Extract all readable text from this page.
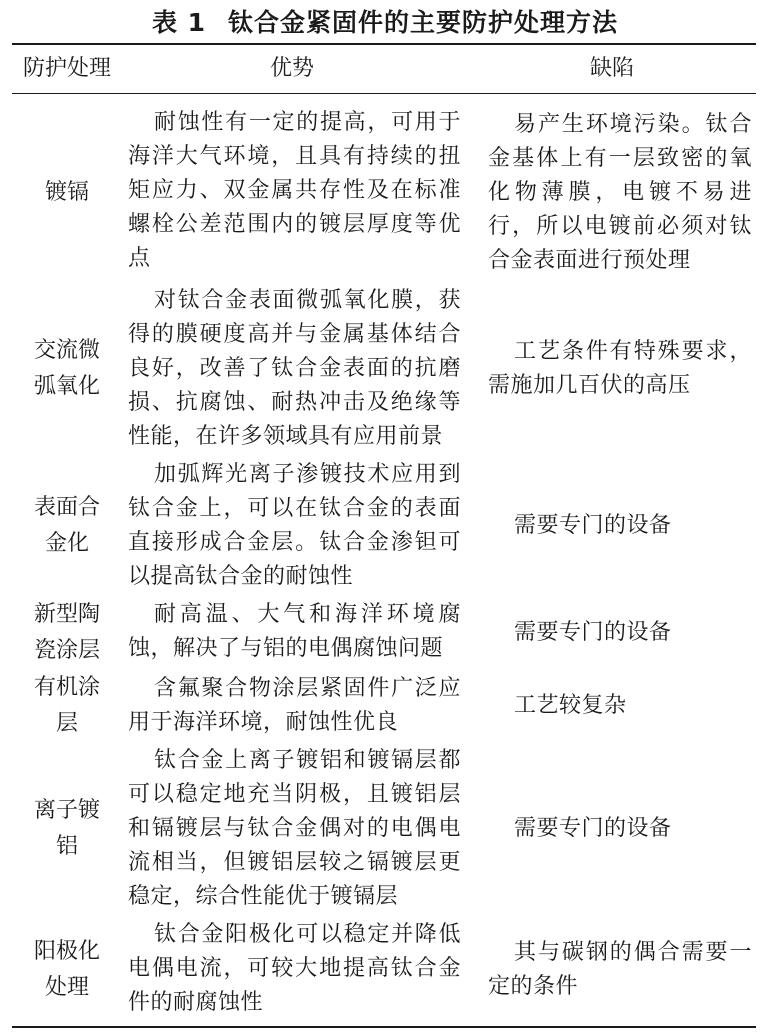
表 1 钛合金紧固件的主要防护处理方法
防护处理	优势	缺陷
镀镉
耐蚀性有一定的提高，可用于海洋大气环境，且具有持续的扭矩应力、双金属共存性及在标准螺栓公差范围内的镀层厚度等优点
易产生环境污染。钛合金基体上有一层致密的氧化物薄膜，电镀不易进行，所以电镀前必须对钛合金表面进行预处理
交流微弧氧化
对钛合金表面微弧氧化膜，获得的膜硬度高并与金属基体结合良好，改善了钛合金表面的抗磨损、抗腐蚀、耐热冲击及绝缘等性能，在许多领域具有应用前景
工艺条件有特殊要求，需施加几百伏的高压
表面合金化
加弧辉光离子渗镀技术应用到钛合金上，可以在钛合金的表面直接形成合金层。钛合金渗钽可以提高钛合金的耐蚀性
需要专门的设备
新型陶瓷涂层
耐高温、大气和海洋环境腐蚀，解决了与铝的电偶腐蚀问题
需要专门的设备
有机涂层
含氟聚合物涂层紧固件广泛应用于海洋环境，耐蚀性优良
工艺较复杂
离子镀铝
钛合金上离子镀铝和镀镉层都可以稳定地充当阴极，且镀铝层和镉镀层与钛合金偶对的电偶电流相当，但镀铝层较之镉镀层更稳定，综合性能优于镀镉层
需要专门的设备
阳极化处理
钛合金阳极化可以稳定并降低电偶电流，可较大地提高钛合金件的耐腐蚀性
其与碳钢的偶合需要一定的条件
